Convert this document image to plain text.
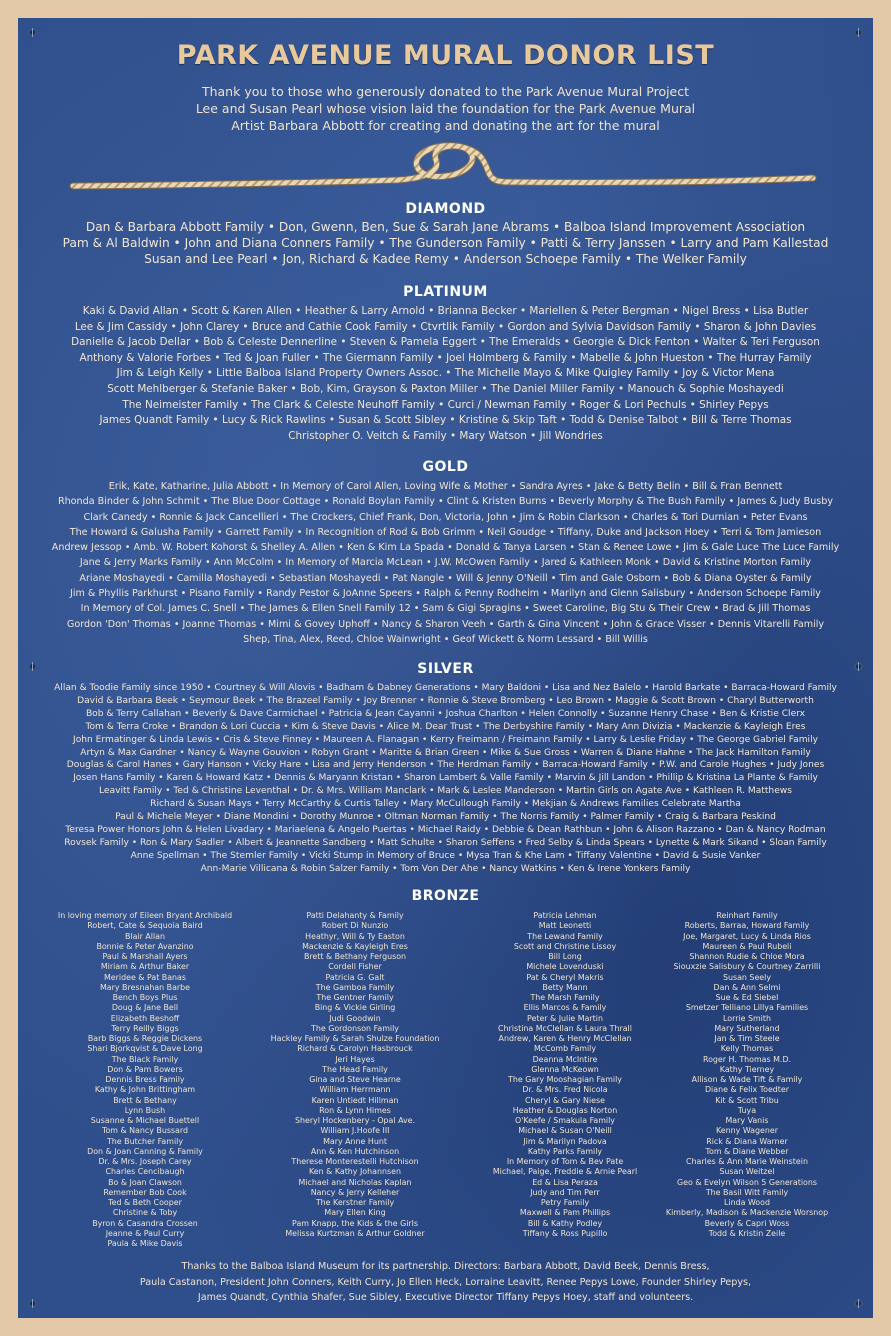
PARK AVENUE MURAL DONOR LIST
Thank you to those who generously donated to the Park Avenue Mural Project
Lee and Susan Pearl whose vision laid the foundation for the Park Avenue Mural
Artist Barbara Abbott for creating and donating the art for the mural
DIAMOND
Dan & Barbara Abbott Family • Don, Gwenn, Ben, Sue & Sarah Jane Abrams • Balboa Island Improvement Association
Pam & Al Baldwin • John and Diana Conners Family • The Gunderson Family • Patti & Terry Janssen • Larry and Pam Kallestad
Susan and Lee Pearl • Jon, Richard & Kadee Remy • Anderson Schoepe Family • The Welker Family
PLATINUM
Kaki & David Allan • Scott & Karen Allen • Heather & Larry Arnold • Brianna Becker • Mariellen & Peter Bergman • Nigel Bress • Lisa Butler
Lee & Jim Cassidy • John Clarey • Bruce and Cathie Cook Family • Ctvrtlik Family • Gordon and Sylvia Davidson Family • Sharon & John Davies
Danielle & Jacob Dellar • Bob & Celeste Dennerline • Steven & Pamela Eggert • The Emeralds • Georgie & Dick Fenton • Walter & Teri Ferguson
Anthony & Valorie Forbes • Ted & Joan Fuller • The Giermann Family • Joel Holmberg & Family • Mabelle & John Hueston • The Hurray Family
Jim & Leigh Kelly • Little Balboa Island Property Owners Assoc. • The Michelle Mayo & Mike Quigley Family • Joy & Victor Mena
Scott Mehlberger & Stefanie Baker • Bob, Kim, Grayson & Paxton Miller • The Daniel Miller Family • Manouch & Sophie Moshayedi
The Neimeister Family • The Clark & Celeste Neuhoff Family • Curci / Newman Family • Roger & Lori Pechuls • Shirley Pepys
James Quandt Family • Lucy & Rick Rawlins • Susan & Scott Sibley • Kristine & Skip Taft • Todd & Denise Talbot • Bill & Terre Thomas
Christopher O. Veitch & Family • Mary Watson • Jill Wondries
GOLD
Erik, Kate, Katharine, Julia Abbott • In Memory of Carol Allen, Loving Wife & Mother • Sandra Ayres • Jake & Betty Belin • Bill & Fran Bennett
Rhonda Binder & John Schmit • The Blue Door Cottage • Ronald Boylan Family • Clint & Kristen Burns • Beverly Morphy & The Bush Family • James & Judy Busby
Clark Canedy • Ronnie & Jack Cancellieri • The Crockers, Chief Frank, Don, Victoria, John • Jim & Robin Clarkson • Charles & Tori Durnian • Peter Evans
The Howard & Galusha Family • Garrett Family • In Recognition of Rod & Bob Grimm • Neil Goudge • Tiffany, Duke and Jackson Hoey • Terri & Tom Jamieson
Andrew Jessop • Amb. W. Robert Kohorst & Shelley A. Allen • Ken & Kim La Spada • Donald & Tanya Larsen • Stan & Renee Lowe • Jim & Gale Luce The Luce Family
Jane & Jerry Marks Family • Ann McColm • In Memory of Marcia McLean • J.W. McOwen Family • Jared & Kathleen Monk • David & Kristine Morton Family
Ariane Moshayedi • Camilla Moshayedi • Sebastian Moshayedi • Pat Nangle • Will & Jenny O'Neill • Tim and Gale Osborn • Bob & Diana Oyster & Family
Jim & Phyllis Parkhurst • Pisano Family • Randy Pestor & JoAnne Speers • Ralph & Penny Rodheim • Marilyn and Glenn Salisbury • Anderson Schoepe Family
In Memory of Col. James C. Snell • The James & Ellen Snell Family 12 • Sam & Gigi Spragins • Sweet Caroline, Big Stu & Their Crew • Brad & Jill Thomas
Gordon 'Don' Thomas • Joanne Thomas • Mimi & Govey Uphoff • Nancy & Sharon Veeh • Garth & Gina Vincent • John & Grace Visser • Dennis Vitarelli Family
Shep, Tina, Alex, Reed, Chloe Wainwright • Geof Wickett & Norm Lessard • Bill Willis
SILVER
Allan & Toodie Family since 1950 • Courtney & Will Alovis • Badham & Dabney Generations • Mary Baldoni • Lisa and Nez Balelo • Harold Barkate • Barraca-Howard Family
David & Barbara Beek • Seymour Beek • The Brazeel Family • Joy Brenner • Ronnie & Steve Bromberg • Leo Brown • Maggie & Scott Brown • Charyl Butterworth
Bob & Terry Callahan • Beverly & Dave Carmichael • Patricia & Jean Cayanni • Joshua Charlton • Helen Connolly • Suzanne Henry Chase • Ben & Kristie Clerx
Tom & Terra Croke • Brandon & Lori Cuccia • Kim & Steve Davis • Alice M. Dear Trust • The Derbyshire Family • Mary Ann Divizia • Mackenzie & Kayleigh Eres
John Ermatinger & Linda Lewis • Cris & Steve Finney • Maureen A. Flanagan • Kerry Freimann / Freimann Family • Larry & Leslie Friday • The George Gabriel Family
Artyn & Max Gardner • Nancy & Wayne Gouvion • Robyn Grant • Maritte & Brian Green • Mike & Sue Gross • Warren & Diane Hahne • The Jack Hamilton Family
Douglas & Carol Hanes • Gary Hanson • Vicky Hare • Lisa and Jerry Henderson • The Herdman Family • Barraca-Howard Family • P.W. and Carole Hughes • Judy Jones
Josen Hans Family • Karen & Howard Katz • Dennis & Maryann Kristan • Sharon Lambert & Valle Family • Marvin & Jill Landon • Phillip & Kristina La Plante & Family
Leavitt Family • Ted & Christine Leventhal • Dr. & Mrs. William Manclark • Mark & Leslee Manderson • Martin Girls on Agate Ave • Kathleen R. Matthews
Richard & Susan Mays • Terry McCarthy & Curtis Talley • Mary McCullough Family • Mekjian & Andrews Families Celebrate Martha
Paul & Michele Meyer • Diane Mondini • Dorothy Munroe • Oltman Norman Family • The Norris Family • Palmer Family • Craig & Barbara Peskind
Teresa Power Honors John & Helen Livadary • Mariaelena & Angelo Puertas • Michael Raidy • Debbie & Dean Rathbun • John & Alison Razzano • Dan & Nancy Rodman
Rovsek Family • Ron & Mary Sadler • Albert & Jeannette Sandberg • Matt Schulte • Sharon Seffens • Fred Selby & Linda Spears • Lynette & Mark Sikand • Sloan Family
Anne Spellman • The Stemler Family • Vicki Stump in Memory of Bruce • Mysa Tran & Khe Lam • Tiffany Valentine • David & Susie Vanker
Ann-Marie Villicana & Robin Salzer Family • Tom Von Der Ahe • Nancy Watkins • Ken & Irene Yonkers Family
BRONZE
In loving memory of Eileen Bryant Archibald
Robert, Cate & Sequoia Baird
Blair Allan
Bonnie & Peter Avanzino
Paul & Marshall Ayers
Miriam & Arthur Baker
Meridee & Pat Banas
Mary Bresnahan Barbe
Bench Boys Plus
Doug & Jane Bell
Elizabeth Beshoff
Terry Reilly Biggs
Barb Biggs & Reggie Dickens
Shari Bjorkqvist & Dave Long
The Black Family
Don & Pam Bowers
Dennis Bress Family
Kathy & John Brittingham
Brett & Bethany
Lynn Bush
Susanne & Michael Buettell
Tom & Nancy Bussard
The Butcher Family
Don & Joan Canning & Family
Dr. & Mrs. Joseph Carey
Charles Cencibaugh
Bo & Joan Clawson
Remember Bob Cook
Ted & Beth Cooper
Christine & Toby
Byron & Casandra Crossen
Jeanne & Paul Curry
Paula & Mike Davis
Patti Delahanty & Family
Robert Di Nunzio
Heathyr, Will & Ty Easton
Mackenzie & Kayleigh Eres
Brett & Bethany Ferguson
Cordell Fisher
Patricia G. Galt
The Gamboa Family
The Gentner Family
Bing & Vickie Girling
Judi Goodwin
The Gordonson Family
Hackley Family & Sarah Shulze Foundation
Richard & Carolyn Hasbrouck
Jeri Hayes
The Head Family
Gina and Steve Hearne
William Herrmann
Karen Untiedt Hillman
Ron & Lynn Himes
Sheryl Hockenbery - Opal Ave.
William J.Hoofe III
Mary Anne Hunt
Ann & Ken Hutchinson
Therese Monterestelli Hutchison
Ken & Kathy Johannsen
Michael and Nicholas Kaplan
Nancy & Jerry Kelleher
The Kerstner Family
Mary Ellen King
Pam Knapp, the Kids & the Girls
Melissa Kurtzman & Arthur Goldner
Patricia Lehman
Matt Leonetti
The Lewand Family
Scott and Christine Lissoy
Bill Long
Michele Lovenduski
Pat & Cheryl Makris
Betty Mann
The Marsh Family
Ellis Marcos & Family
Peter & Julie Martin
Christina McClellan & Laura Thrall
Andrew, Karen & Henry McClellan
McComb Family
Deanna McIntire
Glenna McKeown
The Gary Mooshagian Family
Dr. & Mrs. Fred Nicola
Cheryl & Gary Niese
Heather & Douglas Norton
O'Keefe / Smakula Family
Michael & Susan O'Neill
Jim & Marilyn Padova
Kathy Parks Family
In Memory of Tom & Bev Pate
Michael, Paige, Freddie & Arnie Pearl
Ed & Lisa Peraza
Judy and Tim Perr
Petry Family
Maxwell & Pam Phillips
Bill & Kathy Podley
Tiffany & Ross Pupillo
Reinhart Family
Roberts, Barraa, Howard Family
Joe, Margaret, Lucy & Linda Rios
Maureen & Paul Rubeli
Shannon Rudie & Chloe Mora
Siouxzie Salisbury & Courtney Zarrilli
Susan Seely
Dan & Ann Selmi
Sue & Ed Siebel
Smetzer Telliano Lillya Families
Lorrie Smith
Mary Sutherland
Jan & Tim Steele
Kelly Thomas
Roger H. Thomas M.D.
Kathy Tierney
Allison & Wade Tift & Family
Diane & Felix Toedter
Kit & Scott Tribu
Tuya
Mary Vanis
Kenny Wagener
Rick & Diana Warner
Tom & Diane Webber
Charles & Ann Marie Weinstein
Susan Weitzel
Geo & Evelyn Wilson 5 Generations
The Basil Witt Family
Linda Wood
Kimberly, Madison & Mackenzie Worsnop
Beverly & Capri Woss
Todd & Kristin Zeile
Thanks to the Balboa Island Museum for its partnership. Directors: Barbara Abbott, David Beek, Dennis Bress,
Paula Castanon, President John Conners, Keith Curry, Jo Ellen Heck, Lorraine Leavitt, Renee Pepys Lowe, Founder Shirley Pepys,
James Quandt, Cynthia Shafer, Sue Sibley, Executive Director Tiffany Pepys Hoey, staff and volunteers.
